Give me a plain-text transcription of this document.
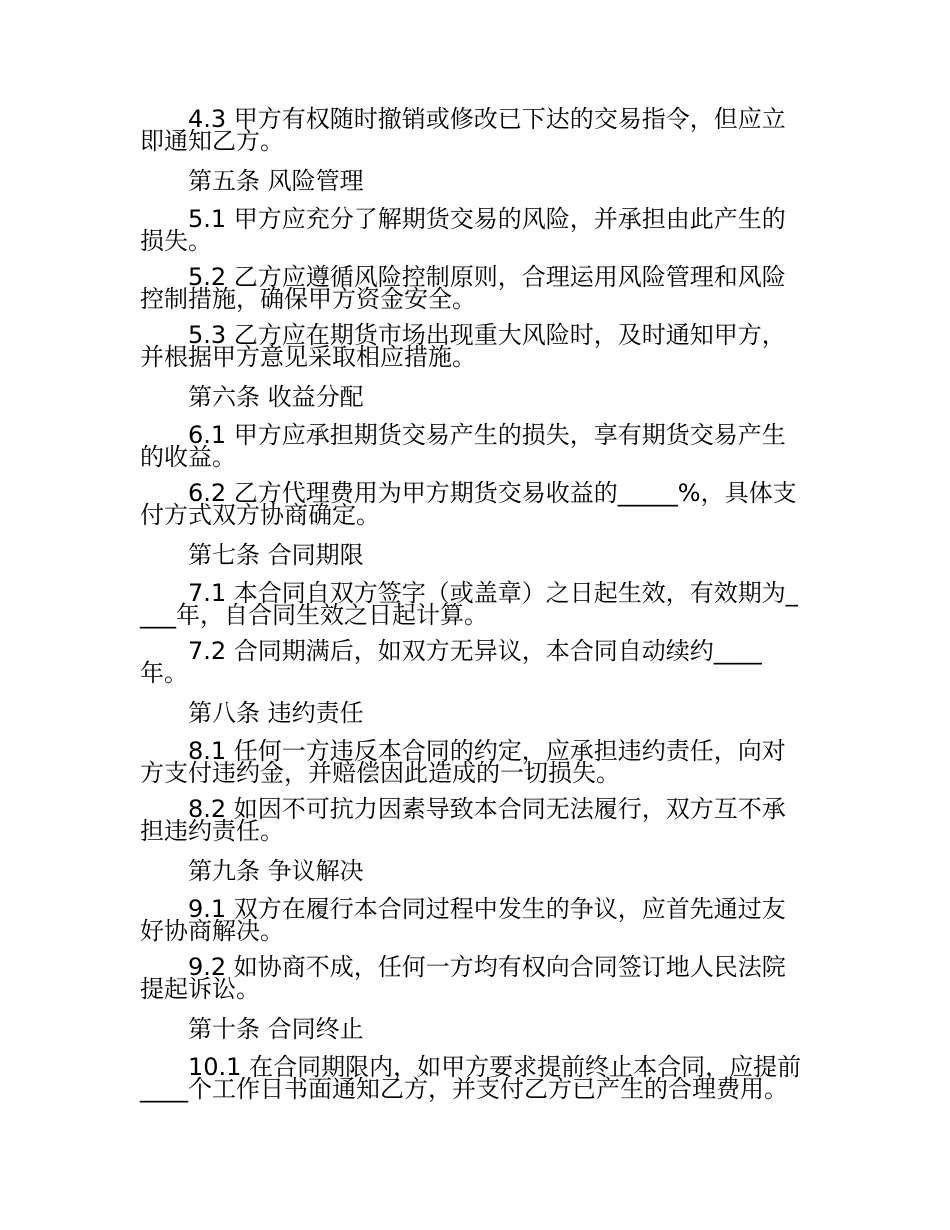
4.3 甲方有权随时撤销或修改已下达的交易指令，但应立即通知乙方。

第五条 风险管理

5.1 甲方应充分了解期货交易的风险，并承担由此产生的损失。

5.2 乙方应遵循风险控制原则，合理运用风险管理和风险控制措施，确保甲方资金安全。

5.3 乙方应在期货市场出现重大风险时，及时通知甲方，并根据甲方意见采取相应措施。

第六条 收益分配

6.1 甲方应承担期货交易产生的损失，享有期货交易产生的收益。

6.2 乙方代理费用为甲方期货交易收益的_____%，具体支付方式双方协商确定。

第七条 合同期限

7.1 本合同自双方签字（或盖章）之日起生效，有效期为____年，自合同生效之日起计算。

7.2 合同期满后，如双方无异议，本合同自动续约____年。

第八条 违约责任

8.1 任何一方违反本合同的约定，应承担违约责任，向对方支付违约金，并赔偿因此造成的一切损失。

8.2 如因不可抗力因素导致本合同无法履行，双方互不承担违约责任。

第九条 争议解决

9.1 双方在履行本合同过程中发生的争议，应首先通过友好协商解决。

9.2 如协商不成，任何一方均有权向合同签订地人民法院提起诉讼。

第十条 合同终止

10.1 在合同期限内，如甲方要求提前终止本合同，应提前____个工作日书面通知乙方，并支付乙方已产生的合理费用。
